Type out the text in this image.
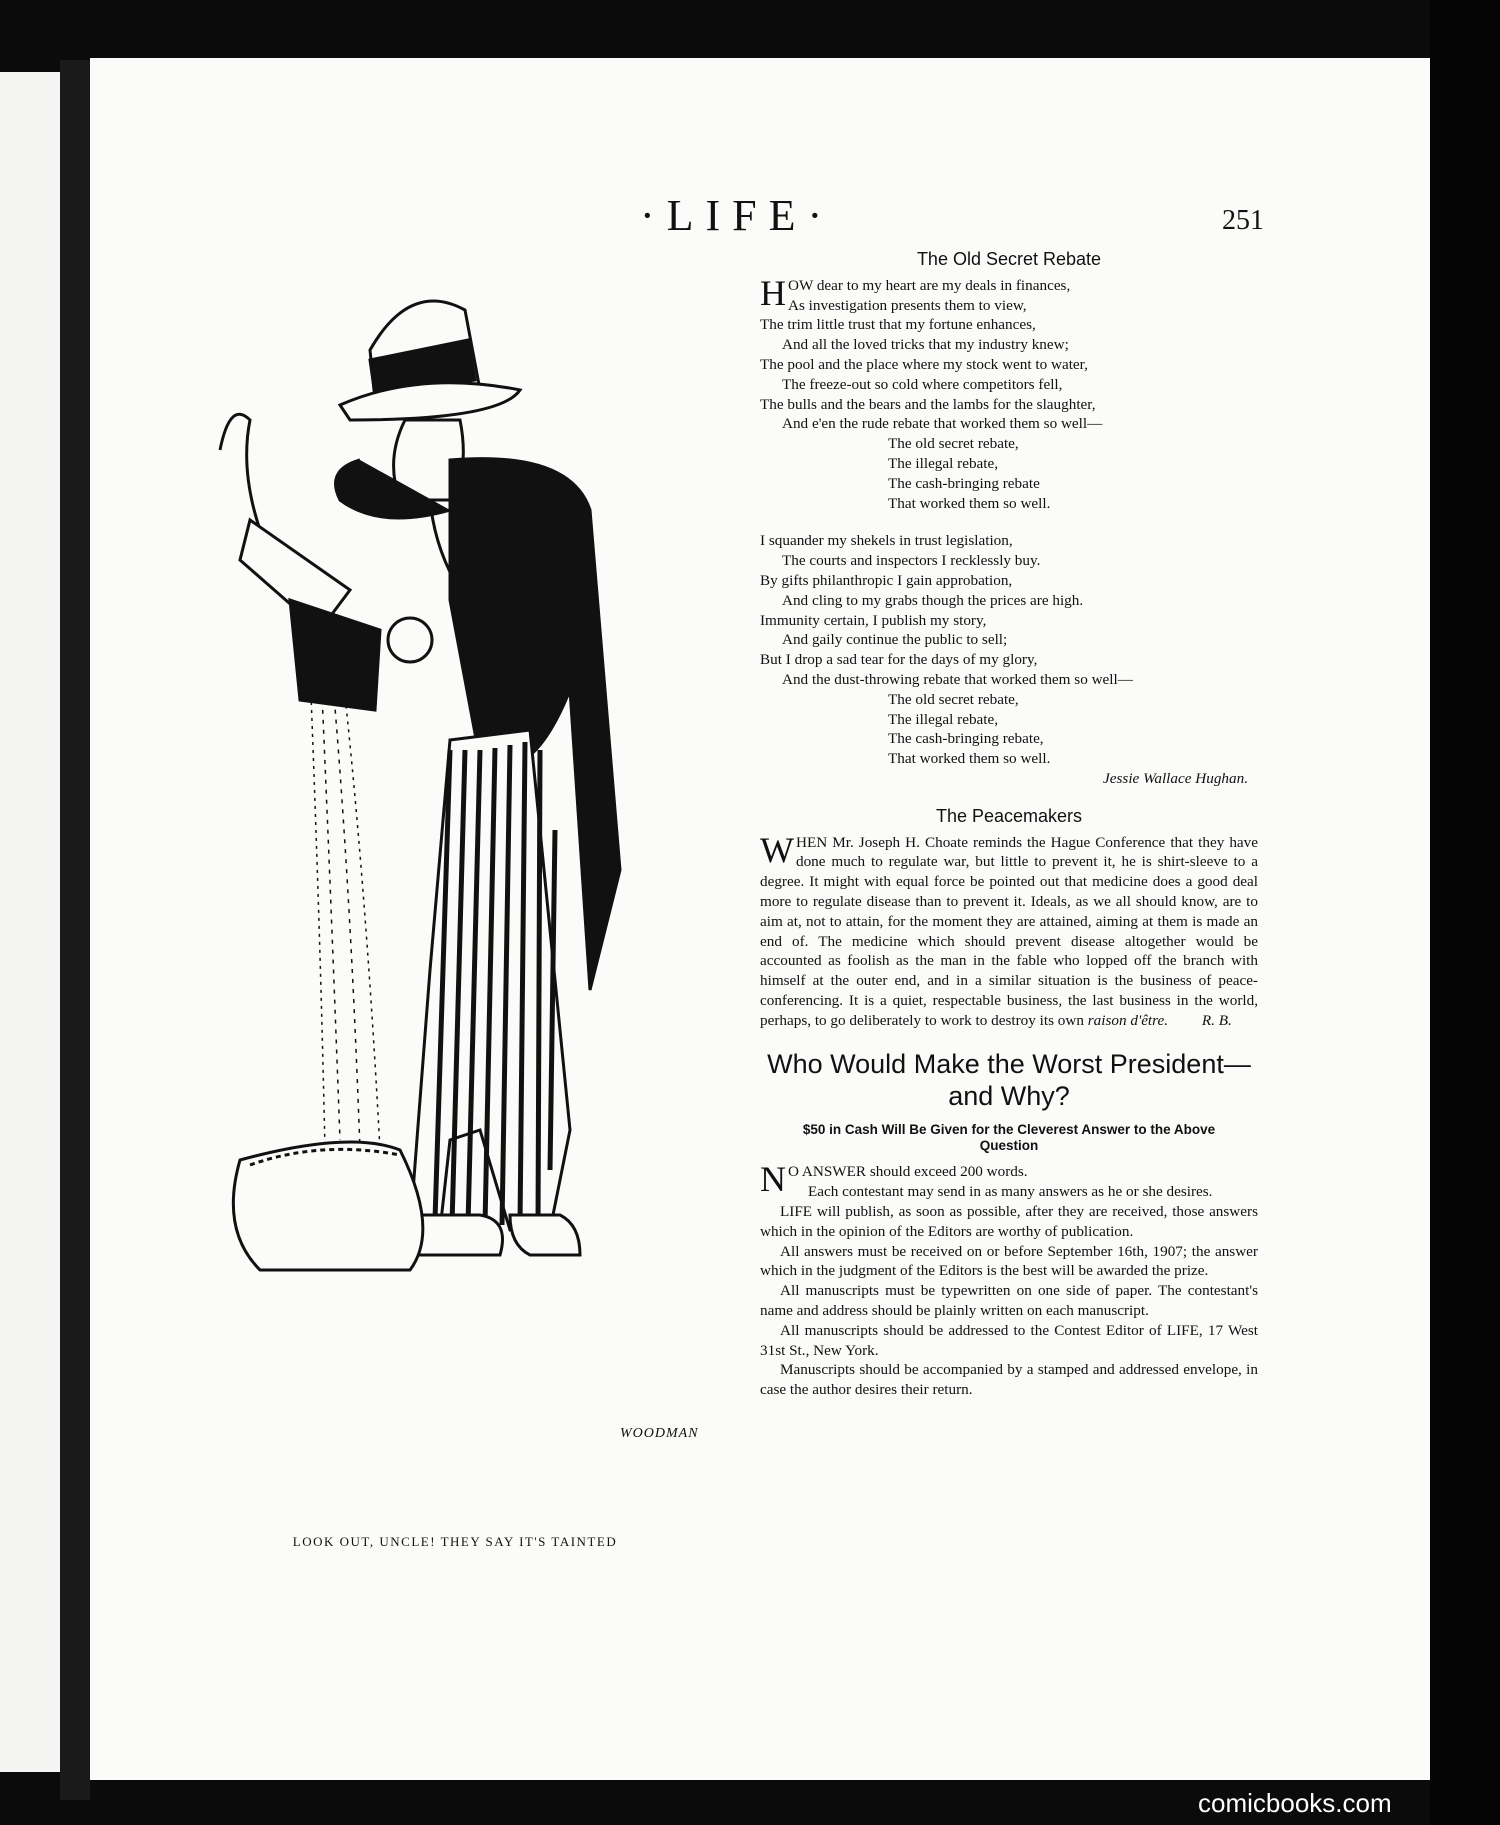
·LIFE·	251
WOODMAN
LOOK OUT, UNCLE! THEY SAY IT'S TAINTED
The Old Secret Rebate
HOW dear to my heart are my deals in finances,
As investigation presents them to view,
The trim little trust that my fortune enhances,
And all the loved tricks that my industry knew;
The pool and the place where my stock went to water,
The freeze-out so cold where competitors fell,
The bulls and the bears and the lambs for the slaughter,
And e'en the rude rebate that worked them so well—
The old secret rebate,
The illegal rebate,
The cash-bringing rebate
That worked them so well.
I squander my shekels in trust legislation,
The courts and inspectors I recklessly buy.
By gifts philanthropic I gain approbation,
And cling to my grabs though the prices are high.
Immunity certain, I publish my story,
And gaily continue the public to sell;
But I drop a sad tear for the days of my glory,
And the dust-throwing rebate that worked them so well—
The old secret rebate,
The illegal rebate,
The cash-bringing rebate,
That worked them so well.
Jessie Wallace Hughan.
The Peacemakers
WHEN Mr. Joseph H. Choate reminds the Hague Conference that they have done much to regulate war, but little to prevent it, he is shirt-sleeve to a degree. It might with equal force be pointed out that medicine does a good deal more to regulate disease than to prevent it. Ideals, as we all should know, are to aim at, not to attain, for the moment they are attained, aiming at them is made an end of. The medicine which should prevent disease altogether would be accounted as foolish as the man in the fable who lopped off the branch with himself at the outer end, and in a similar situation is the business of peace-conferencing. It is a quiet, respectable business, the last business in the world, perhaps, to go deliberately to work to destroy its own raison d'être. R. B.
Who Would Make the Worst President—and Why?
$50 in Cash Will Be Given for the Cleverest Answer to the Above Question

N O ANSWER should exceed 200 words.

Each contestant may send in as many answers as he or she desires.

LIFE will publish, as soon as possible, after they are received, those answers which in the opinion of the Editors are worthy of publication.

All answers must be received on or before September 16th, 1907; the answer which in the judgment of the Editors is the best will be awarded the prize.

All manuscripts must be typewritten on one side of paper. The contestant's name and address should be plainly written on each manuscript.

All manuscripts should be addressed to the Contest Editor of LIFE, 17 West 31st St., New York.

Manuscripts should be accompanied by a stamped and addressed envelope, in case the author desires their return.

comicbooks.com
